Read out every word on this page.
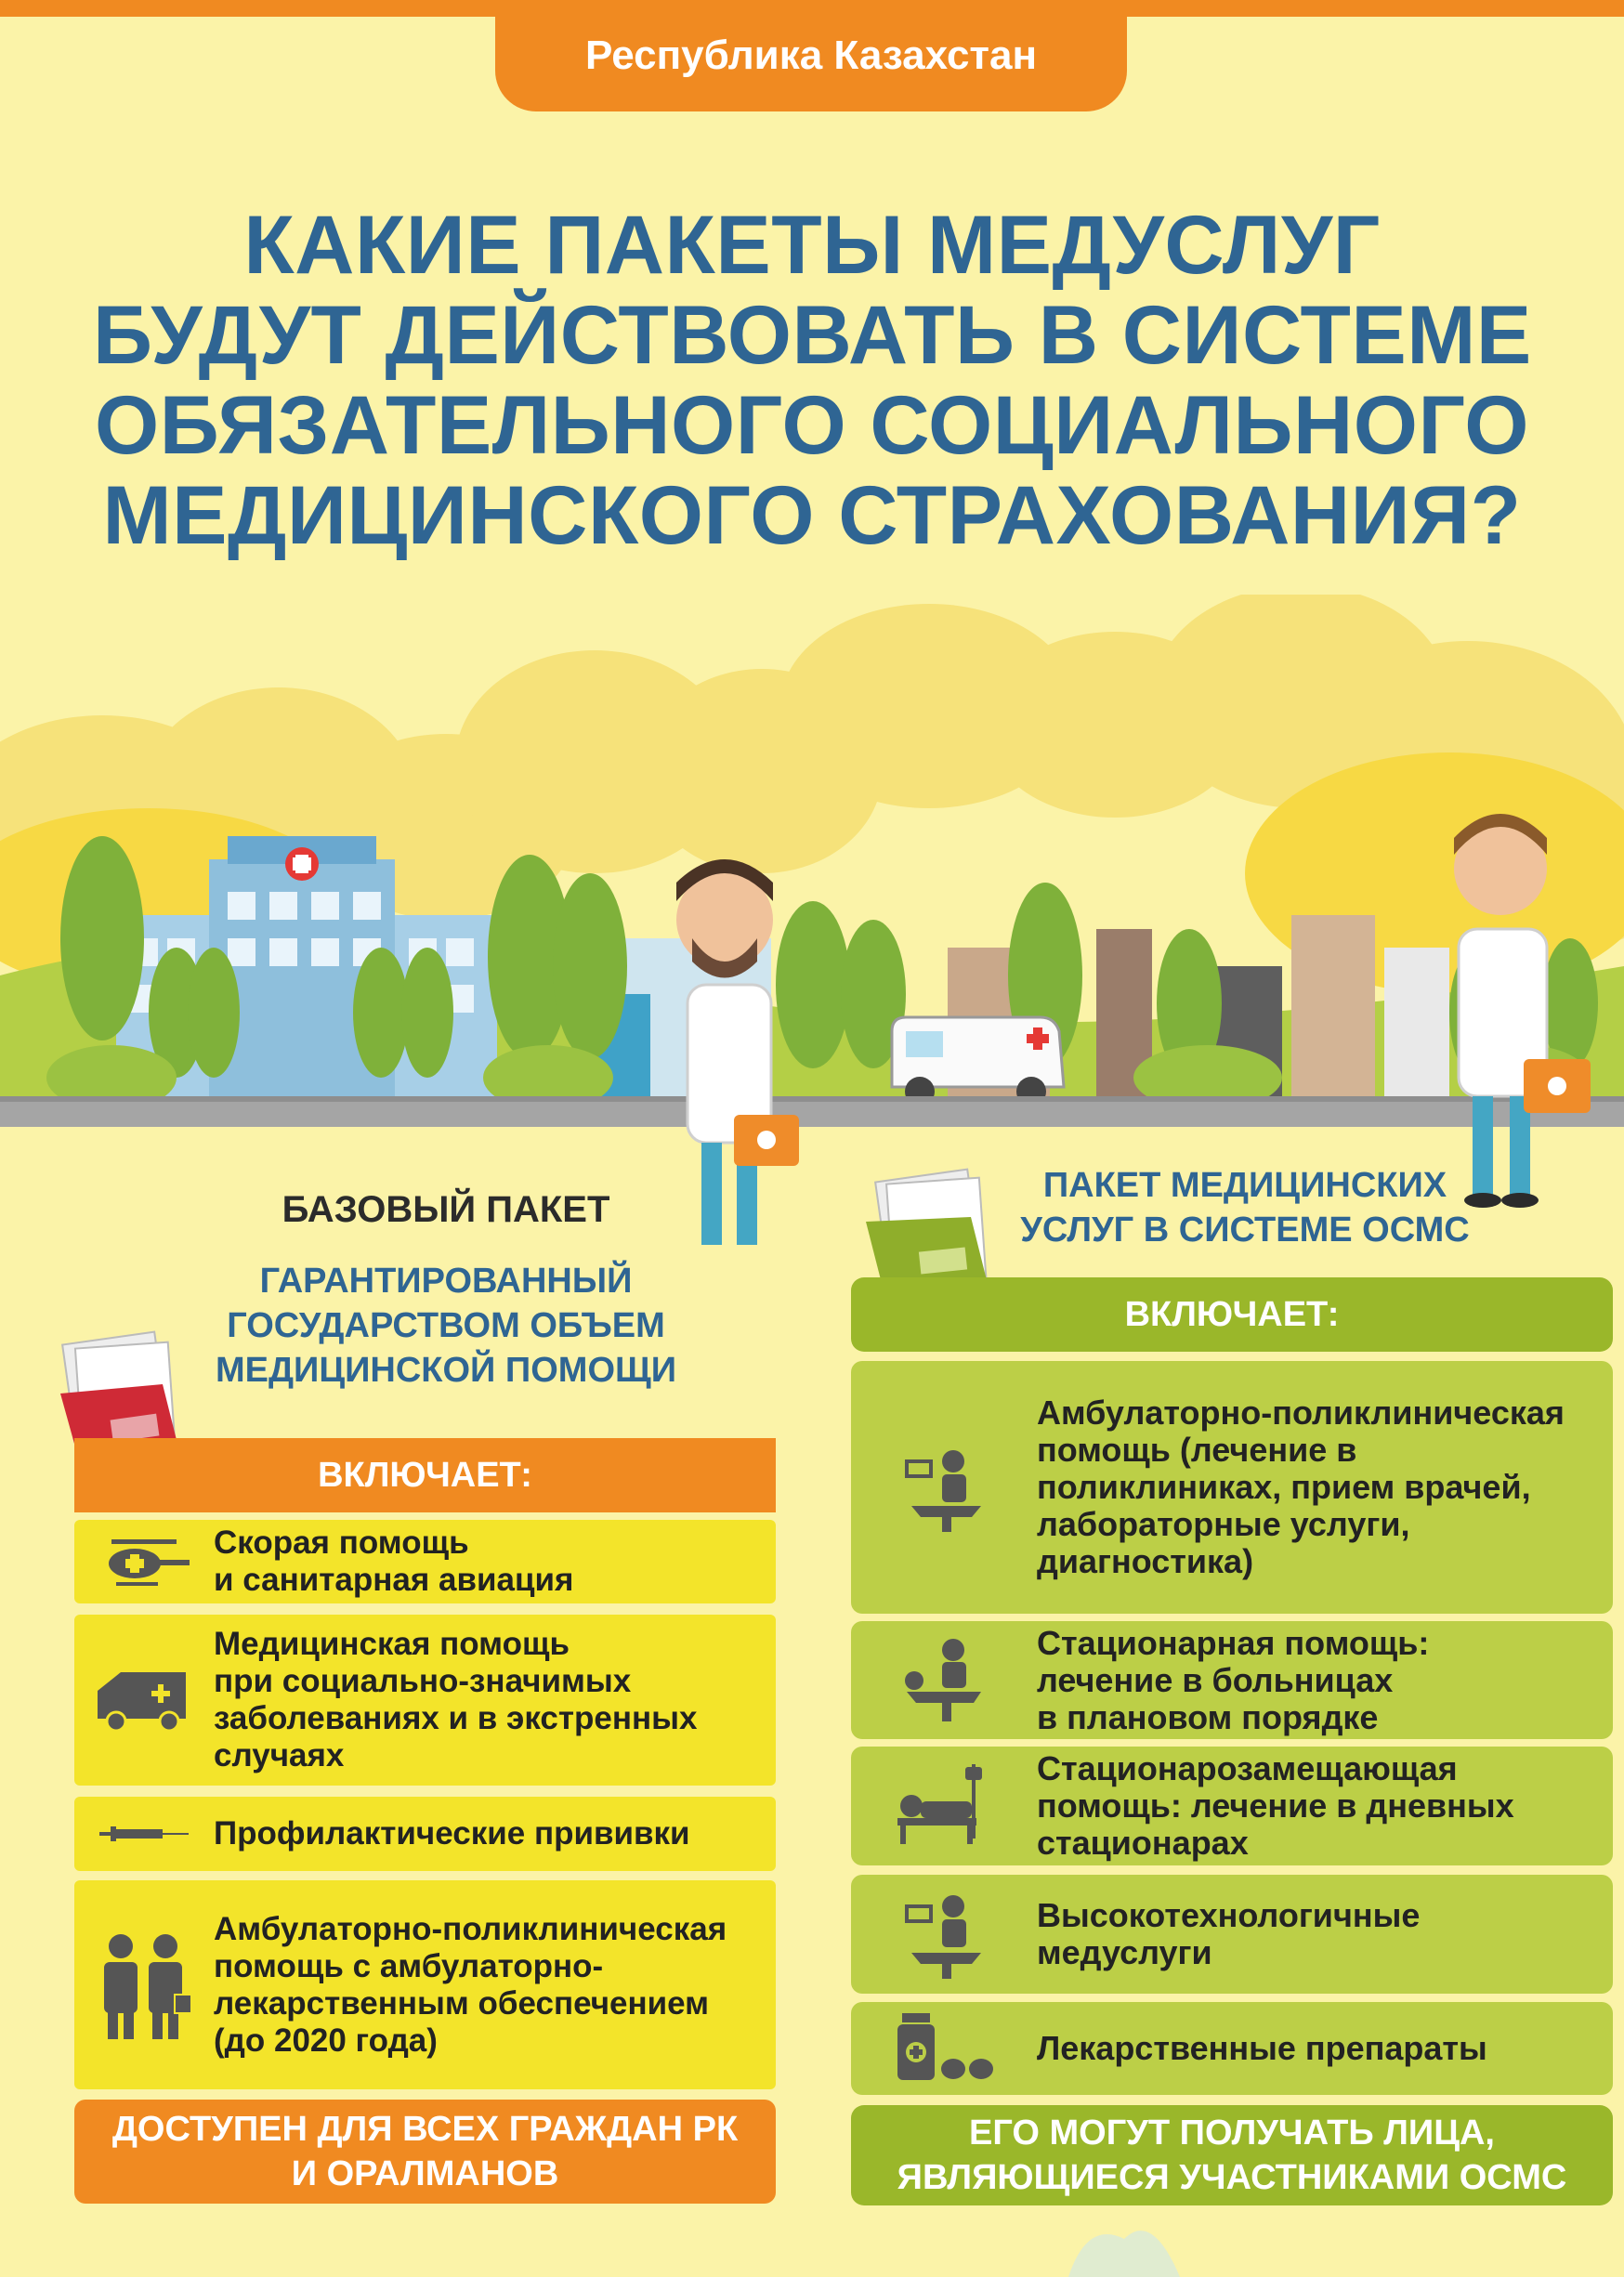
Республика Казахстан
КАКИЕ ПАКЕТЫ МЕДУСЛУГ
БУДУТ ДЕЙСТВОВАТЬ В СИСТЕМЕ
ОБЯЗАТЕЛЬНОГО СОЦИАЛЬНОГО
МЕДИЦИНСКОГО СТРАХОВАНИЯ?
БАЗОВЫЙ ПАКЕТ
ГАРАНТИРОВАННЫЙ
ГОСУДАРСТВОМ ОБЪЕМ
МЕДИЦИНСКОЙ ПОМОЩИ
ПАКЕТ МЕДИЦИНСКИХ
УСЛУГ В СИСТЕМЕ ОСМС
ВКЛЮЧАЕТ:
Скорая помощь
и санитарная авиация
Медицинская помощь
при социально-значимых
заболеваниях и в экстренных
случаях
Профилактические прививки
Амбулаторно-поликлиническая
помощь с амбулаторно-
лекарственным обеспечением
(до 2020 года)
ДОСТУПЕН ДЛЯ ВСЕХ ГРАЖДАН РК
И ОРАЛМАНОВ
ВКЛЮЧАЕТ:
Амбулаторно-поликлиническая
помощь (лечение в
поликлиниках, прием врачей,
лабораторные услуги,
диагностика)
Стационарная помощь:
лечение в больницах
в плановом порядке
Стационарозамещающая
помощь: лечение в дневных
стационарах
Высокотехнологичные
медуслуги
Лекарственные препараты
ЕГО МОГУТ ПОЛУЧАТЬ ЛИЦА,
ЯВЛЯЮЩИЕСЯ УЧАСТНИКАМИ ОСМС
